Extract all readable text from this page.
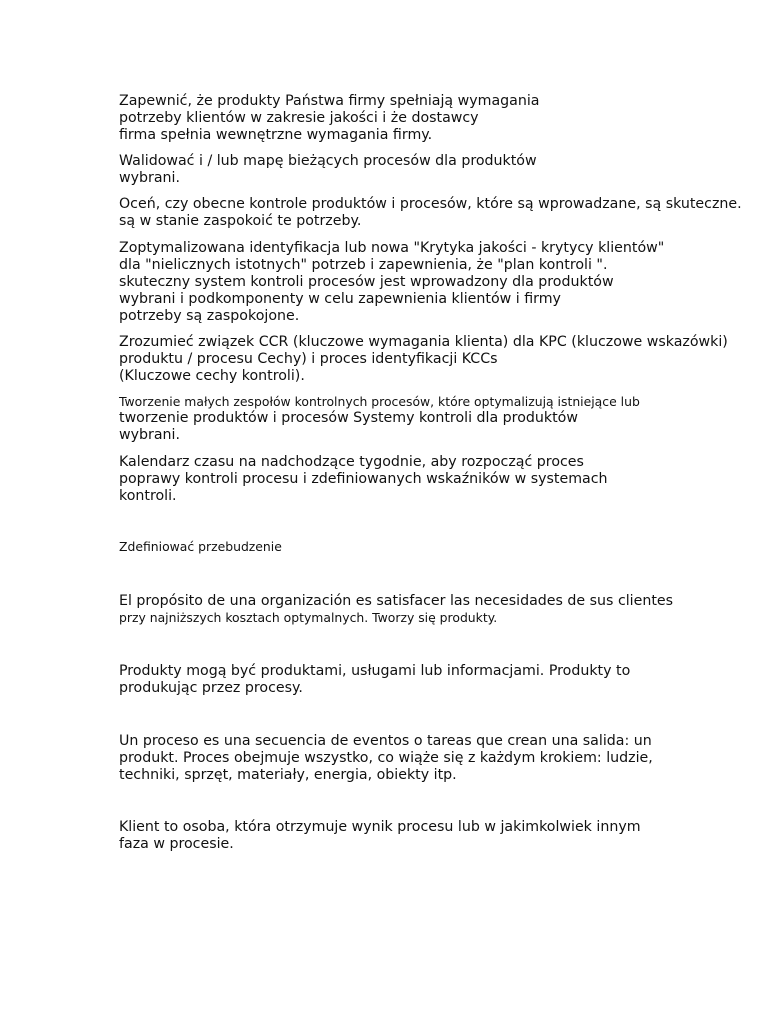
Zapewnić, że produkty Państwa firmy spełniają wymagania
potrzeby klientów w zakresie jakości i że dostawcy
firma spełnia wewnętrzne wymagania firmy.
Walidować i / lub mapę bieżących procesów dla produktów
wybrani.
Oceń, czy obecne kontrole produktów i procesów, które są wprowadzane, są skuteczne.
są w stanie zaspokoić te potrzeby.
Zoptymalizowana identyfikacja lub nowa "Krytyka jakości - krytycy klientów"
dla "nielicznych istotnych" potrzeb i zapewnienia, że "plan kontroli ".
skuteczny system kontroli procesów jest wprowadzony dla produktów
wybrani i podkomponenty w celu zapewnienia klientów i firmy
potrzeby są zaspokojone.
Zrozumieć związek CCR (kluczowe wymagania klienta) dla KPC (kluczowe wskazówki)
produktu / procesu Cechy) i proces identyfikacji KCCs
(Kluczowe cechy kontroli).
Tworzenie małych zespołów kontrolnych procesów, które optymalizują istniejące lub
tworzenie produktów i procesów Systemy kontroli dla produktów
wybrani.
Kalendarz czasu na nadchodzące tygodnie, aby rozpocząć proces
poprawy kontroli procesu i zdefiniowanych wskaźników w systemach
kontroli.

Zdefiniować przebudzenie

El propósito de una organización es satisfacer las necesidades de sus clientes
przy najniższych kosztach optymalnych. Tworzy się produkty.
Produkty mogą być produktami, usługami lub informacjami. Produkty to
produkując przez procesy.
Un proceso es una secuencia de eventos o tareas que crean una salida: un
produkt. Proces obejmuje wszystko, co wiąże się z każdym krokiem: ludzie,
techniki, sprzęt, materiały, energia, obiekty itp.
Klient to osoba, która otrzymuje wynik procesu lub w jakimkolwiek innym
faza w procesie.
